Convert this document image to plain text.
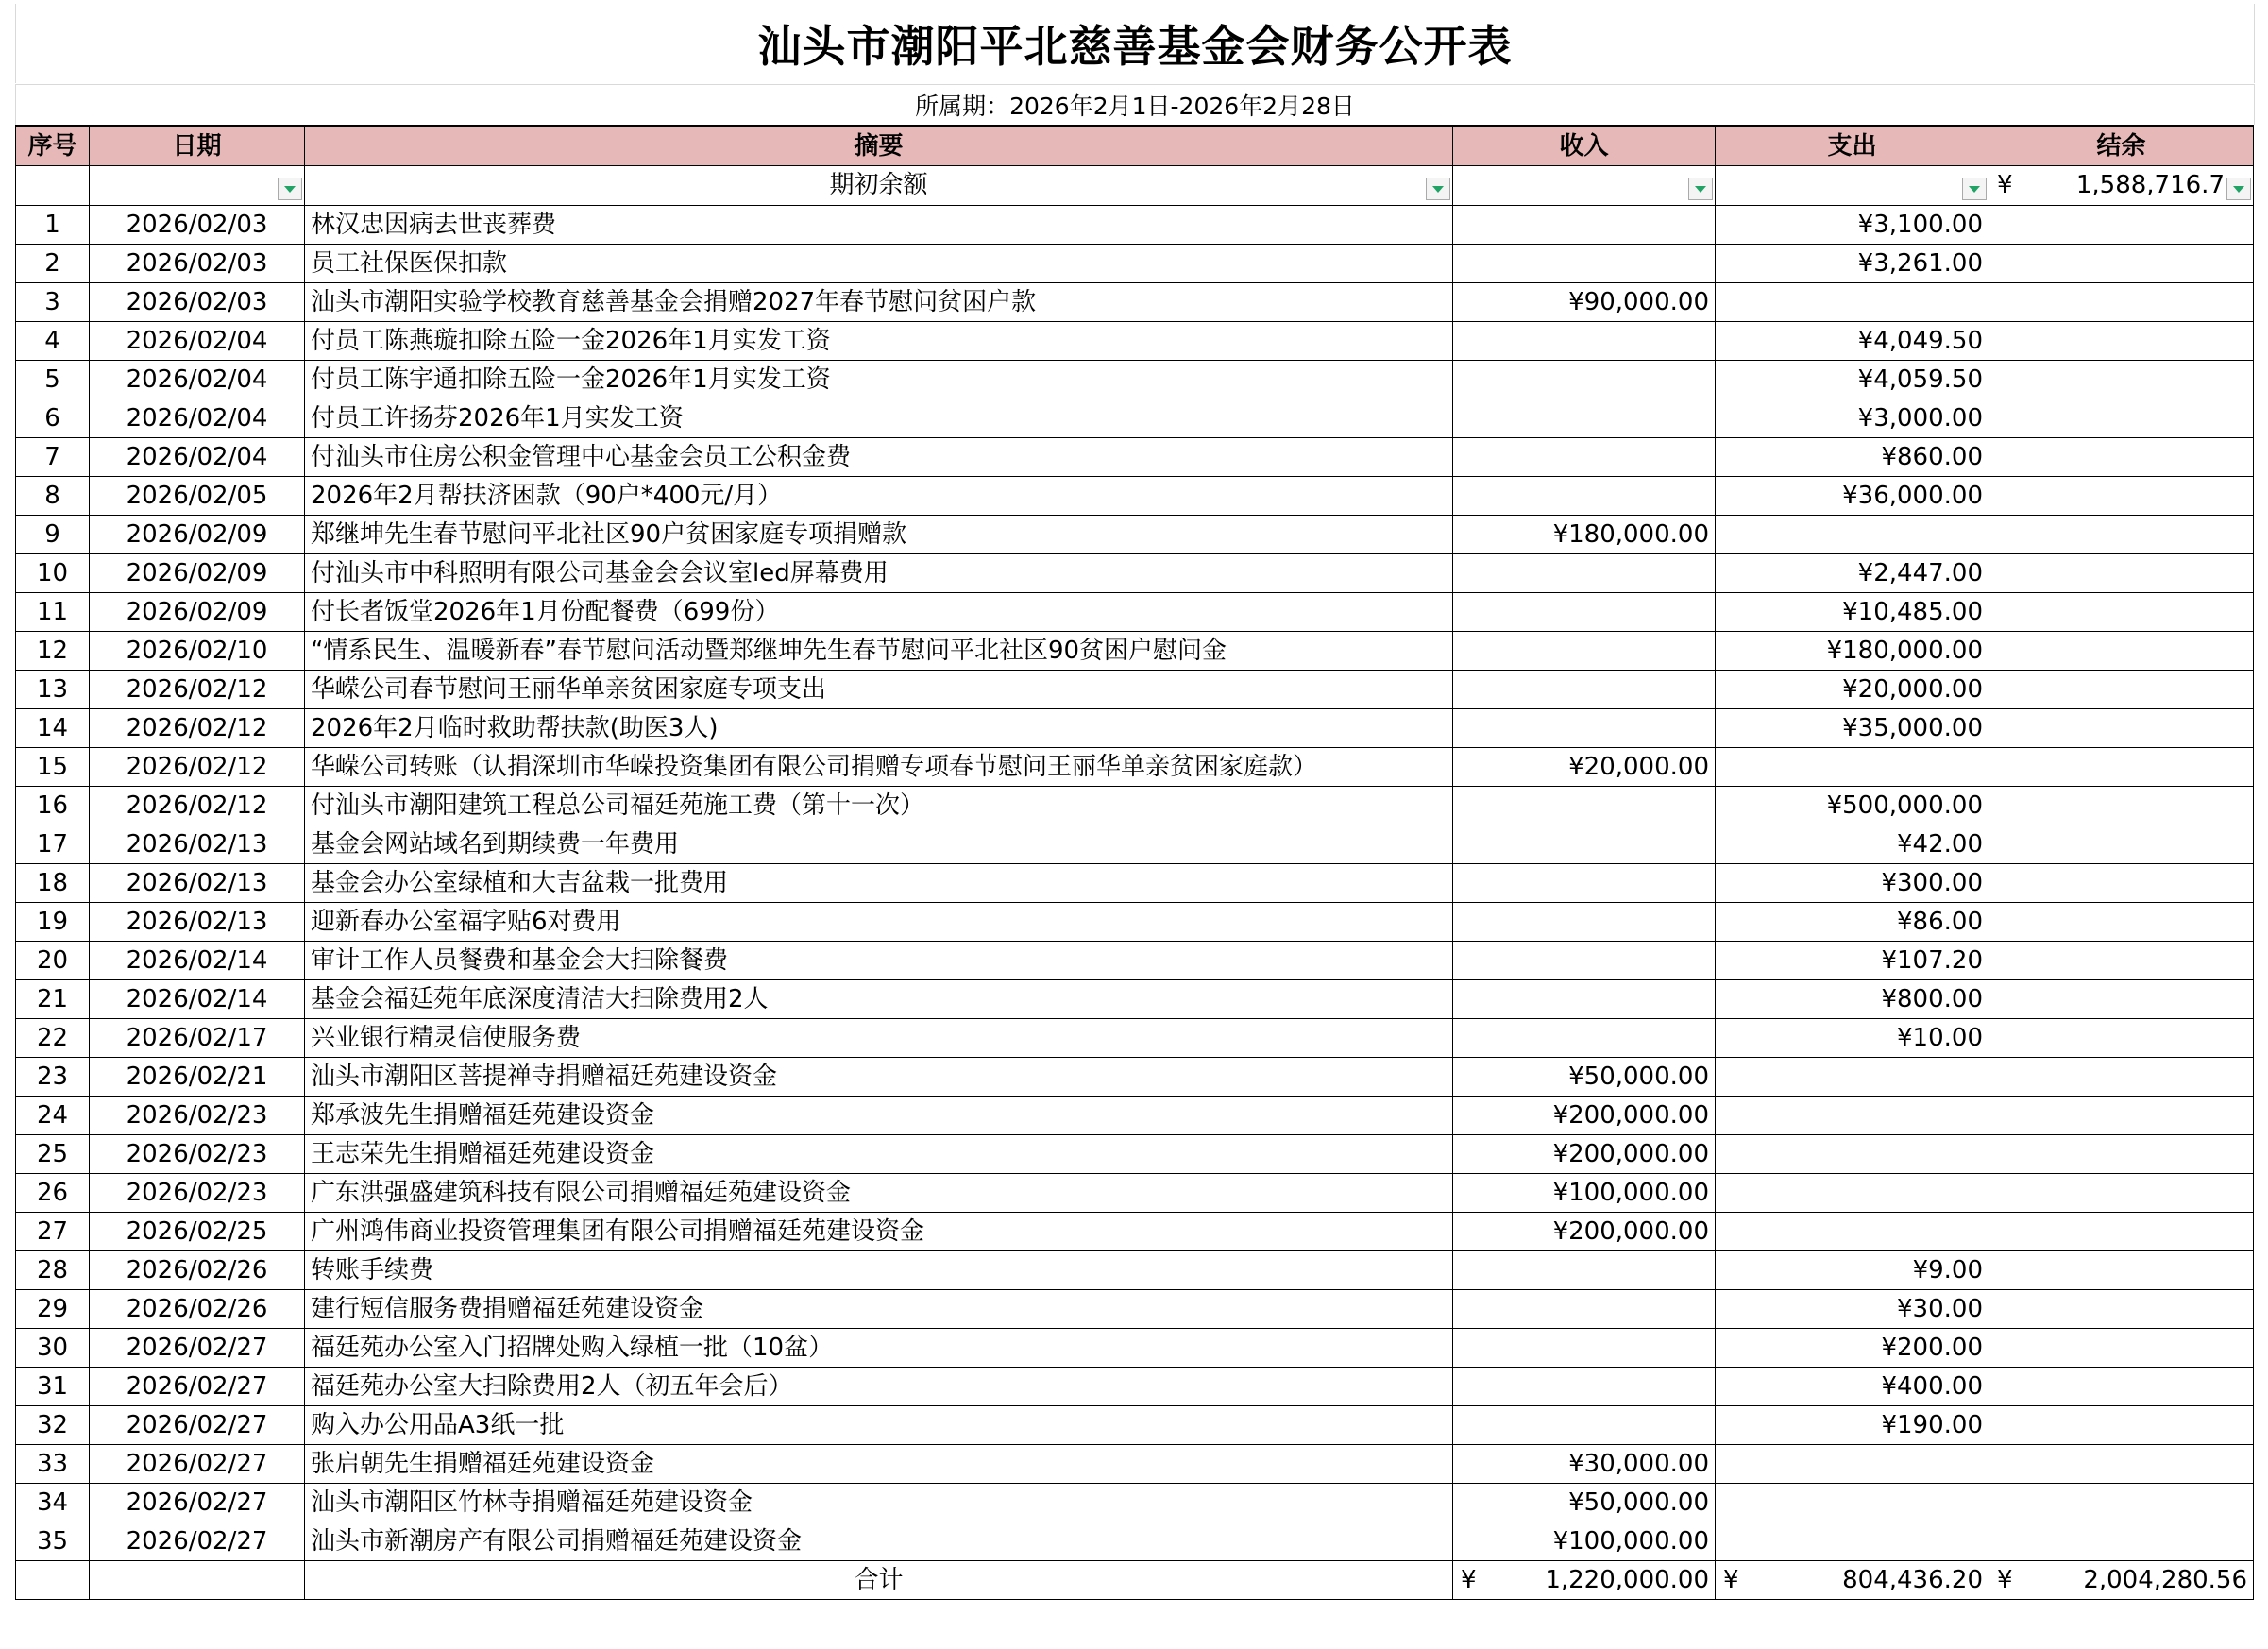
汕头市潮阳平北慈善基金会财务公开表
所属期：2026年2月1日-2026年2月28日
序号	日期	摘要	收入	支出	结余

		期初余额			¥ 1,588,716.7

1	2026/02/03	林汉忠因病去世丧葬费		¥3,100.00	
2	2026/02/03	员工社保医保扣款		¥3,261.00	
3	2026/02/03	汕头市潮阳实验学校教育慈善基金会捐赠2027年春节慰问贫困户款	¥90,000.00		
4	2026/02/04	付员工陈燕璇扣除五险一金2026年1月实发工资		¥4,049.50	
5	2026/02/04	付员工陈宇通扣除五险一金2026年1月实发工资		¥4,059.50	
6	2026/02/04	付员工许扬芬2026年1月实发工资		¥3,000.00	
7	2026/02/04	付汕头市住房公积金管理中心基金会员工公积金费		¥860.00	
8	2026/02/05	2026年2月帮扶济困款（90户*400元/月）		¥36,000.00	
9	2026/02/09	郑继坤先生春节慰问平北社区90户贫困家庭专项捐赠款	¥180,000.00		
10	2026/02/09	付汕头市中科照明有限公司基金会会议室led屏幕费用		¥2,447.00	
11	2026/02/09	付长者饭堂2026年1月份配餐费（699份）		¥10,485.00	
12	2026/02/10	“情系民生、温暖新春”春节慰问活动暨郑继坤先生春节慰问平北社区90贫困户慰问金		¥180,000.00	
13	2026/02/12	华嵘公司春节慰问王丽华单亲贫困家庭专项支出		¥20,000.00	
14	2026/02/12	2026年2月临时救助帮扶款(助医3人)		¥35,000.00	
15	2026/02/12	华嵘公司转账（认捐深圳市华嵘投资集团有限公司捐赠专项春节慰问王丽华单亲贫困家庭款）	¥20,000.00		
16	2026/02/12	付汕头市潮阳建筑工程总公司福廷苑施工费（第十一次）		¥500,000.00	
17	2026/02/13	基金会网站域名到期续费一年费用		¥42.00	
18	2026/02/13	基金会办公室绿植和大吉盆栽一批费用		¥300.00	
19	2026/02/13	迎新春办公室福字贴6对费用		¥86.00	
20	2026/02/14	审计工作人员餐费和基金会大扫除餐费		¥107.20	
21	2026/02/14	基金会福廷苑年底深度清洁大扫除费用2人		¥800.00	
22	2026/02/17	兴业银行精灵信使服务费		¥10.00	
23	2026/02/21	汕头市潮阳区菩提禅寺捐赠福廷苑建设资金	¥50,000.00		
24	2026/02/23	郑承波先生捐赠福廷苑建设资金	¥200,000.00		
25	2026/02/23	王志荣先生捐赠福廷苑建设资金	¥200,000.00		
26	2026/02/23	广东洪强盛建筑科技有限公司捐赠福廷苑建设资金	¥100,000.00		
27	2026/02/25	广州鸿伟商业投资管理集团有限公司捐赠福廷苑建设资金	¥200,000.00		
28	2026/02/26	转账手续费		¥9.00	
29	2026/02/26	建行短信服务费捐赠福廷苑建设资金		¥30.00	
30	2026/02/27	福廷苑办公室入门招牌处购入绿植一批（10盆）		¥200.00	
31	2026/02/27	福廷苑办公室大扫除费用2人（初五年会后）		¥400.00	
32	2026/02/27	购入办公用品A3纸一批		¥190.00	
33	2026/02/27	张启朝先生捐赠福廷苑建设资金	¥30,000.00		
34	2026/02/27	汕头市潮阳区竹林寺捐赠福廷苑建设资金	¥50,000.00		
35	2026/02/27	汕头市新潮房产有限公司捐赠福廷苑建设资金	¥100,000.00		
		合计	¥ 1,220,000.00	¥ 804,436.20	¥ 2,004,280.56
